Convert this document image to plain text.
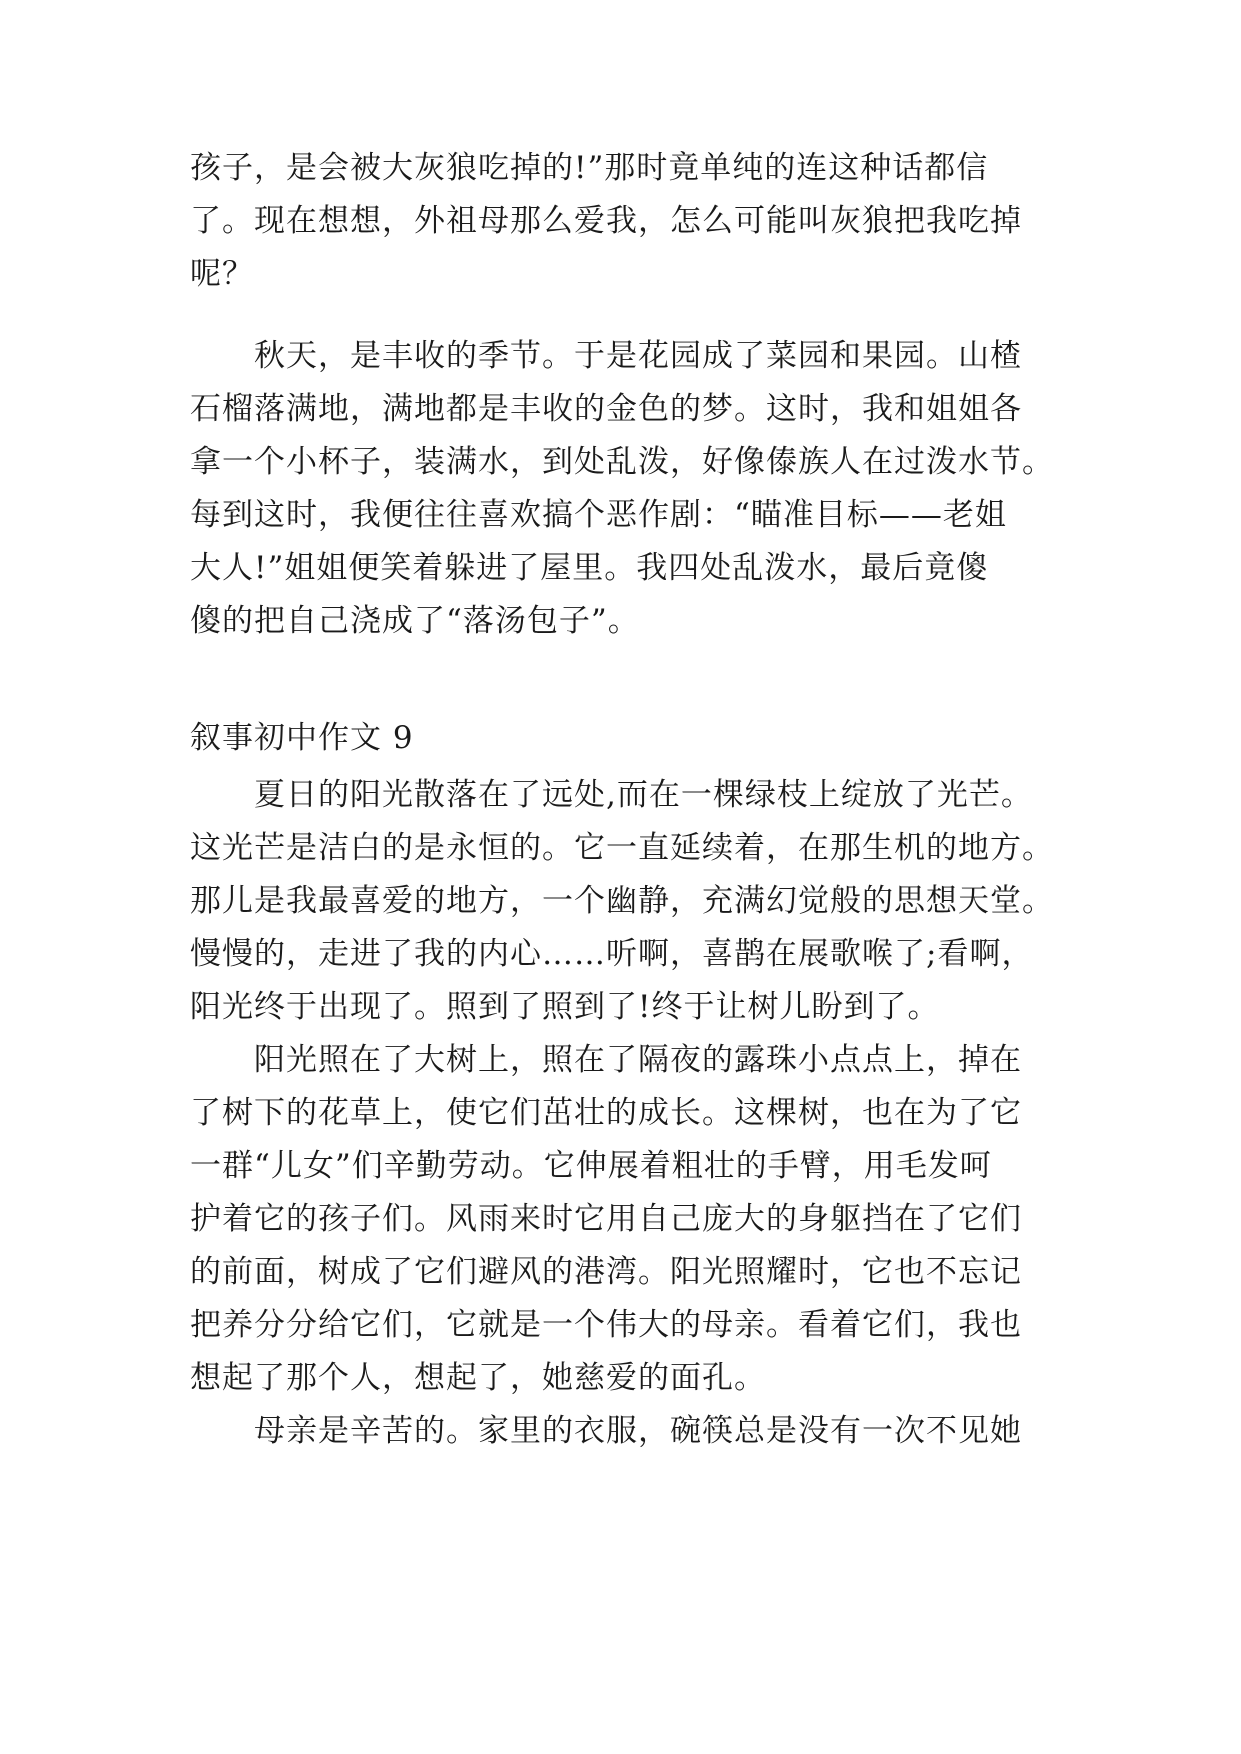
孩子，是会被大灰狼吃掉的!”那时竟单纯的连这种话都信
了。现在想想，外祖母那么爱我，怎么可能叫灰狼把我吃掉
呢？
秋天，是丰收的季节。于是花园成了菜园和果园。山楂
石榴落满地，满地都是丰收的金色的梦。这时，我和姐姐各
拿一个小杯子，装满水，到处乱泼，好像傣族人在过泼水节。
每到这时，我便往往喜欢搞个恶作剧：“瞄准目标——老姐
大人!”姐姐便笑着躲进了屋里。我四处乱泼水，最后竟傻
傻的把自己浇成了“落汤包子”。
叙事初中作文 9
夏日的阳光散落在了远处,而在一棵绿枝上绽放了光芒。
这光芒是洁白的是永恒的。它一直延续着，在那生机的地方。
那儿是我最喜爱的地方，一个幽静，充满幻觉般的思想天堂。
慢慢的，走进了我的内心……听啊，喜鹊在展歌喉了;看啊，
阳光终于出现了。照到了照到了!终于让树儿盼到了。
阳光照在了大树上，照在了隔夜的露珠小点点上，掉在
了树下的花草上，使它们茁壮的成长。这棵树，也在为了它
一群“儿女”们辛勤劳动。它伸展着粗壮的手臂，用毛发呵
护着它的孩子们。风雨来时它用自己庞大的身躯挡在了它们
的前面，树成了它们避风的港湾。阳光照耀时，它也不忘记
把养分分给它们，它就是一个伟大的母亲。看着它们，我也
想起了那个人，想起了，她慈爱的面孔。
母亲是辛苦的。家里的衣服，碗筷总是没有一次不见她
